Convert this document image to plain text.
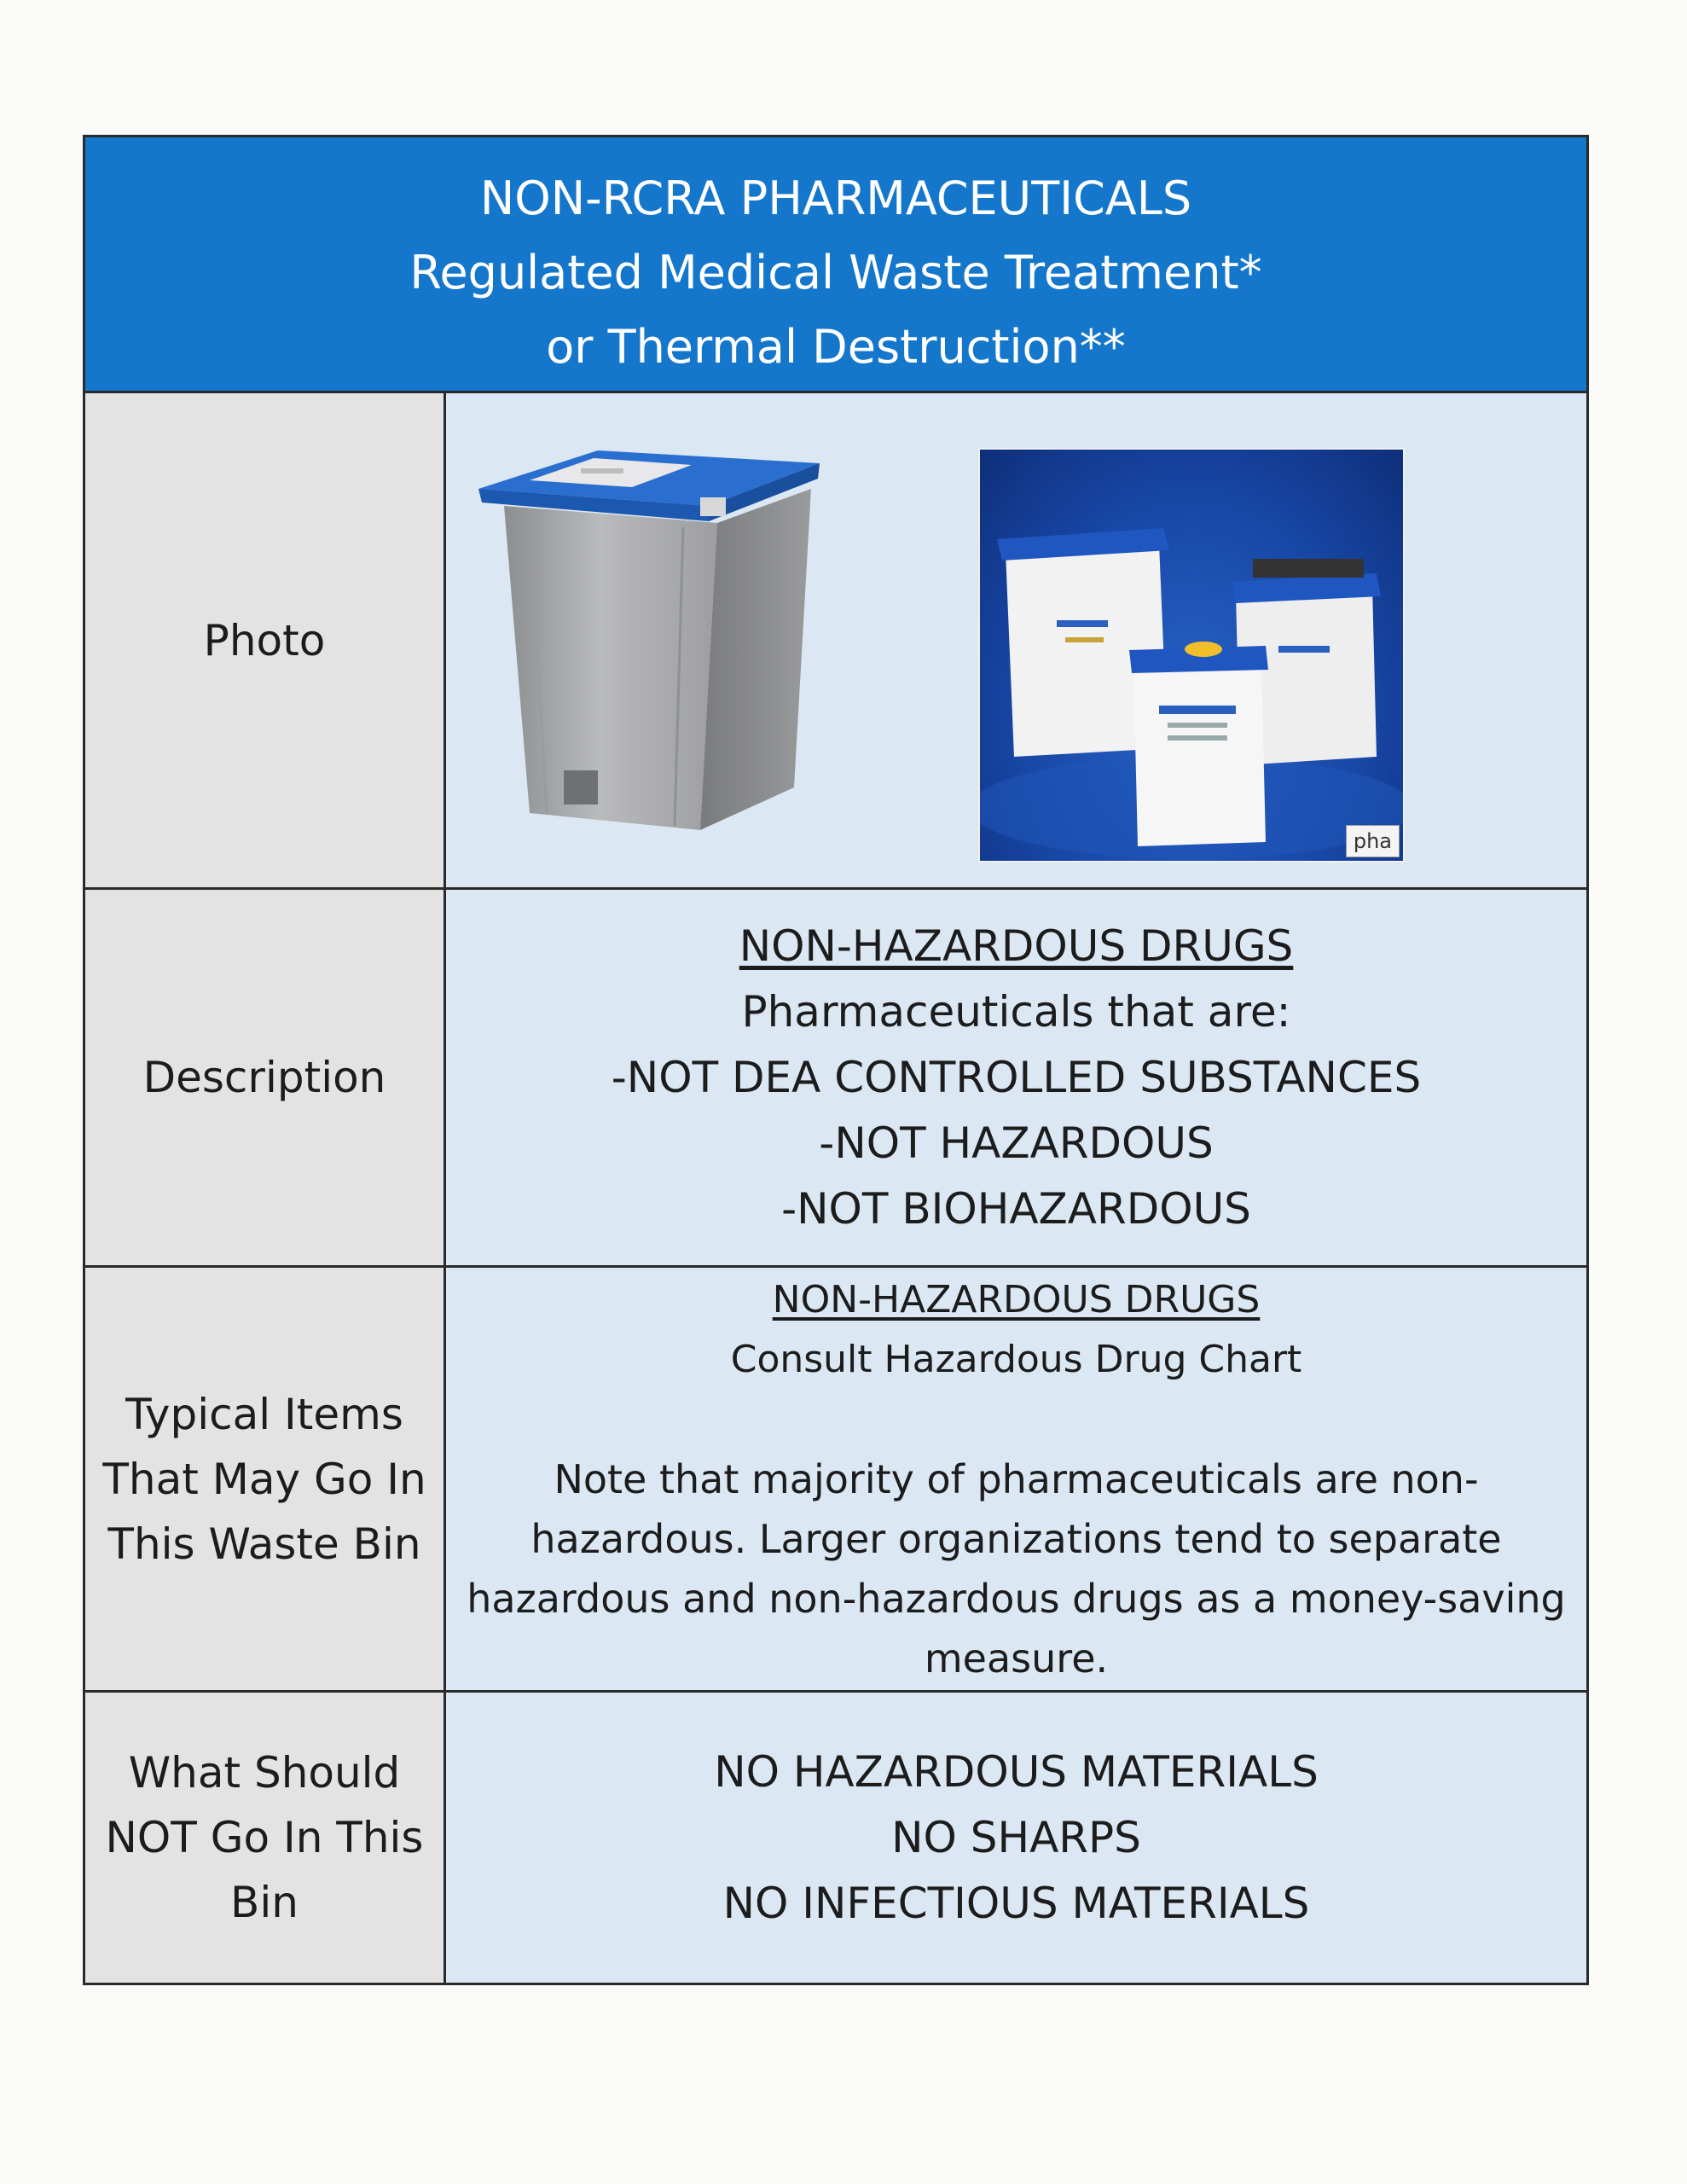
NON-RCRA PHARMACEUTICALS
Regulated Medical Waste Treatment*
or Thermal Destruction**
Photo
pha
Description
NON-HAZARDOUS DRUGS
Pharmaceuticals that are:
-NOT DEA CONTROLLED SUBSTANCES
-NOT HAZARDOUS
-NOT BIOHAZARDOUS
Typical Items
That May Go In
This Waste Bin
NON-HAZARDOUS DRUGS
Consult Hazardous Drug Chart
Note that majority of pharmaceuticals are non-
hazardous. Larger organizations tend to separate
hazardous and non-hazardous drugs as a money-saving
measure.
What Should
NOT Go In This
Bin
NO HAZARDOUS MATERIALS
NO SHARPS
NO INFECTIOUS MATERIALS
